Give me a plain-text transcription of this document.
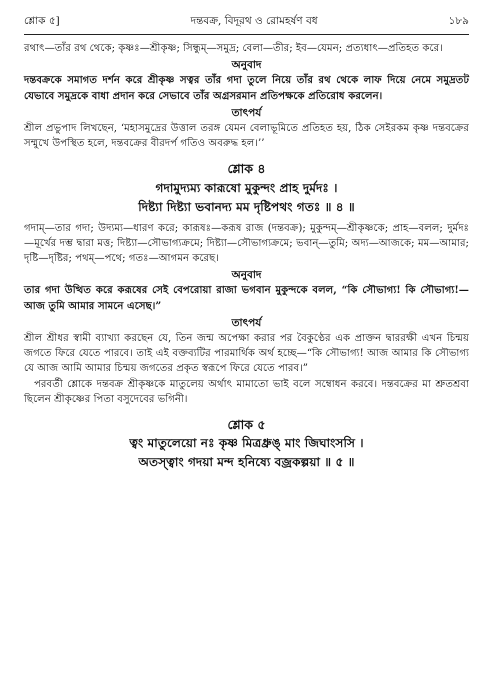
শ্লোক ৫]	দন্তবক্র, বিদূরথ ও রোমহর্ষণ বধ	১৮৯

রথাৎ—তাঁর রথ থেকে; কৃষ্ণঃ—শ্রীকৃষ্ণ; সিন্ধুম্—সমুদ্র; বেলা—তীর; ইব—যেমন; প্রত্যধাৎ—প্রতিহত করে।

অনুবাদ

দন্তবক্রকে সমাগত দর্শন করে শ্রীকৃষ্ণ সত্বর তাঁর গদা তুলে নিয়ে তাঁর রথ থেকে লাফ দিয়ে নেমে সমুদ্রতট যেভাবে সমুদ্রকে বাধা প্রদান করে সেভাবে তাঁর অগ্রসরমান প্রতিপক্ষকে প্রতিরোধ করলেন।

তাৎপর্য

শ্রীল প্রভুপাদ লিখছেন, ‘মহাসমুদ্রের উত্তাল তরঙ্গ যেমন বেলাভূমিতে প্রতিহত হয়, ঠিক সেইরকম কৃষ্ণ দন্তবক্রের সম্মুখে উপস্থিত হলে, দন্তবক্রের বীরদর্প গতিও অবরুদ্ধ হল।’’

শ্লোক ৪

গদামুদ্যম্য কারূষো মুকুন্দং প্রাহ দুর্মদঃ ।

দিষ্ট্যা দিষ্ট্যা ভবানদ্য মম দৃষ্টিপথং গতঃ ॥ ৪ ॥

গদাম্—তার গদা; উদ্যম্য—ধারণ করে; কারূষঃ—করূষ রাজ (দন্তবক্র); মুকুন্দম্—শ্রীকৃষ্ণকে; প্রাহ—বলল; দুর্মদঃ—মূর্খের দম্ভ দ্বারা মত্ত; দিষ্ট্যা—সৌভাগ্যক্রমে; দিষ্ট্যা—সৌভাগ্যক্রমে; ভবান্—তুমি; অদ্য—আজকে; মম—আমার; দৃষ্টি—দৃষ্টির; পথম্—পথে; গতঃ—আগমন করেছ।

অনুবাদ

তার গদা উত্থিত করে করূষের সেই বেপরোয়া রাজা ভগবান মুকুন্দকে বলল, “কি সৌভাগ্য! কি সৌভাগ্য!—আজ তুমি আমার সামনে এসেছ।”

তাৎপর্য

শ্রীল শ্রীধর স্বামী ব্যাখ্যা করছেন যে, তিন জন্ম অপেক্ষা করার পর বৈকুণ্ঠের এক প্রাক্তন দ্বাররক্ষী এখন চিন্ময় জগতে ফিরে যেতে পারবে। তাই এই বক্তব্যটির পারমার্থিক অর্থ হচ্ছে—“কি সৌভাগ্য! আজ আমার কি সৌভাগ্য যে আজ আমি আমার চিন্ময় জগতের প্রকৃত স্বরূপে ফিরে যেতে পারব।”

পরবর্তী শ্লোকে দন্তবক্র শ্রীকৃষ্ণকে মাতুলেয় অর্থাৎ মামাতো ভাই বলে সম্বোধন করবে। দন্তবক্রের মা শ্রুতশ্রবা ছিলেন শ্রীকৃষ্ণের পিতা বসুদেবের ভগিনী।

শ্লোক ৫

ত্বং মাতুলেয়ো নঃ কৃষ্ণ মিত্রধ্রুঙ্ মাং জিঘাংসসি ।

অতস্ত্বাং গদয়া মন্দ হনিষ্যে বজ্রকল্পয়া ॥ ৫ ॥
